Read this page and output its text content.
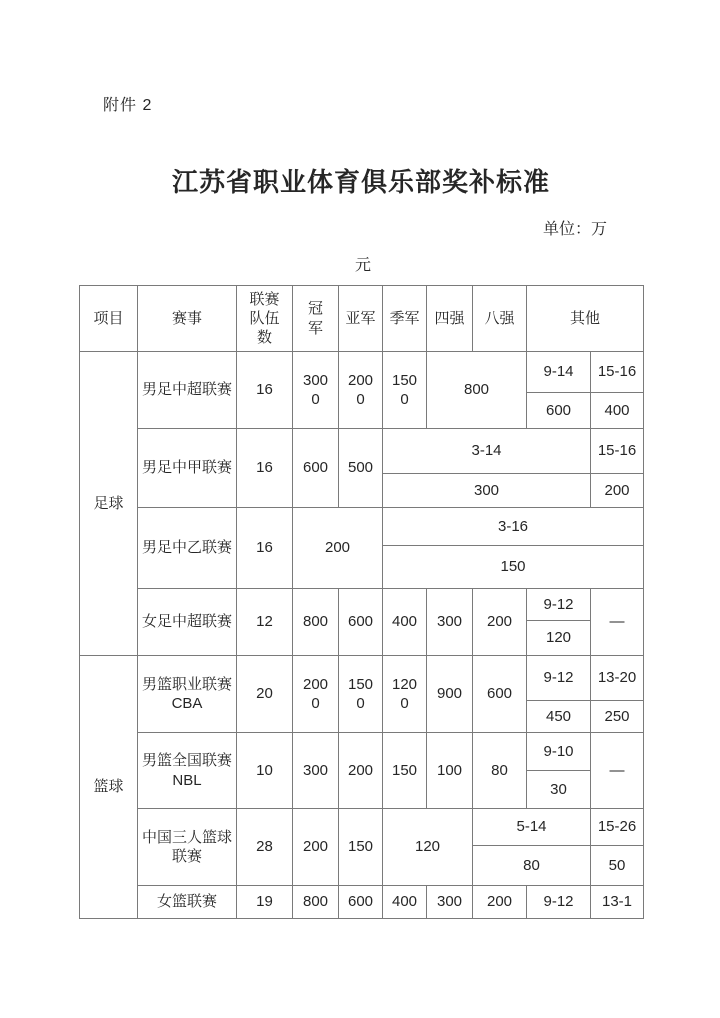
附件 2
江苏省职业体育俱乐部奖补标准
单位：万
元
项目	赛事	联赛队伍数	冠军	亚军	季军	四强	八强	其他	
足球	男足中超联赛	16	3000	2000	1500	800		9-14	15-16
								600	400
	男足中甲联赛	16	600	500	3-14				15-16
					300				200
	男足中乙联赛	16	200		3-16				
					150				
	女足中超联赛	12	800	600	400	300	200	9-12	—
								120	
篮球	男篮职业联赛CBA	20	2000	1500	1200	900	600	9-12	13-20
								450	250
	男篮全国联赛NBL	10	300	200	150	100	80	9-10	—
								30	
	中国三人篮球联赛	28	200	150	120		5-14		15-26
							80		50
	女篮联赛	19	800	600	400	300	200	9-12	13-1
